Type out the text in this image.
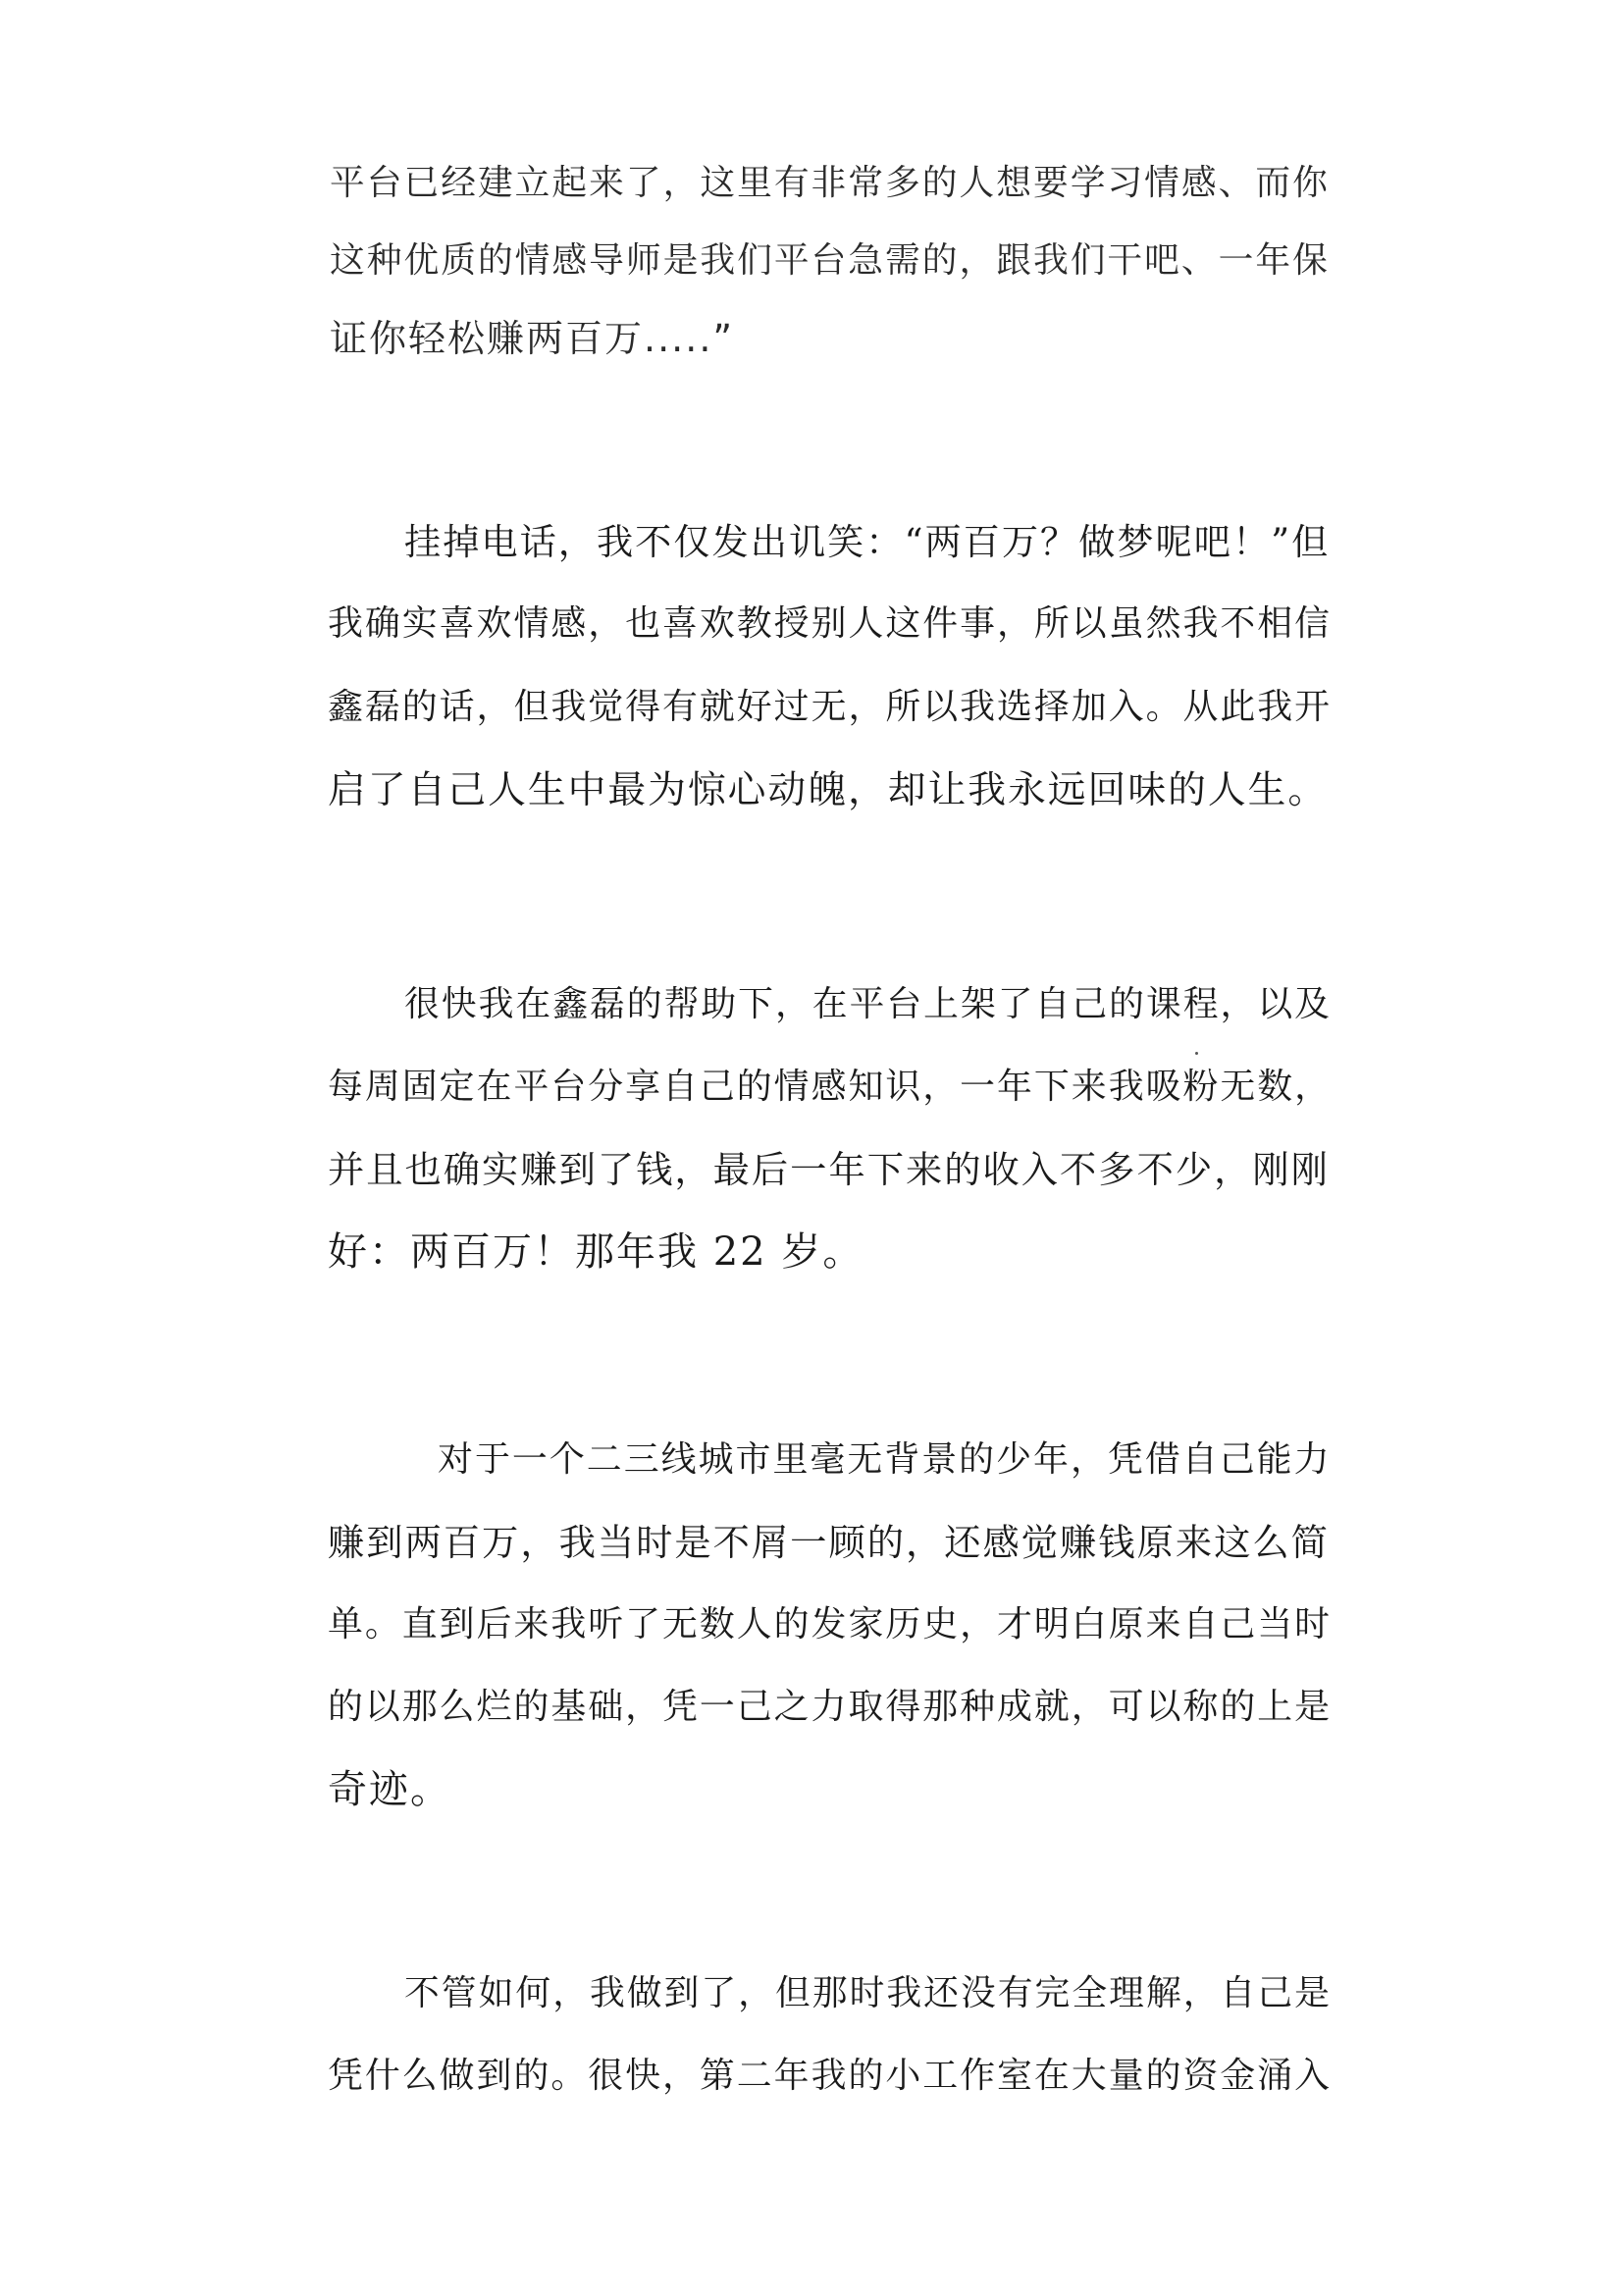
平台已经建立起来了，这里有非常多的人想要学习情感、而你
这种优质的情感导师是我们平台急需的，跟我们干吧、一年保
证你轻松赚两百万.....”
挂掉电话，我不仅发出讥笑：“两百万？做梦呢吧！”但
我确实喜欢情感，也喜欢教授别人这件事，所以虽然我不相信
鑫磊的话，但我觉得有就好过无，所以我选择加入。从此我开
启了自己人生中最为惊心动魄，却让我永远回味的人生。
很快我在鑫磊的帮助下，在平台上架了自己的课程，以及
每周固定在平台分享自己的情感知识，一年下来我吸粉无数，
并且也确实赚到了钱，最后一年下来的收入不多不少，刚刚
好：两百万！那年我 22 岁。
对于一个二三线城市里毫无背景的少年，凭借自己能力
赚到两百万，我当时是不屑一顾的，还感觉赚钱原来这么简
单。直到后来我听了无数人的发家历史，才明白原来自己当时
的以那么烂的基础，凭一己之力取得那种成就，可以称的上是
奇迹。
不管如何，我做到了，但那时我还没有完全理解，自己是
凭什么做到的。很快，第二年我的小工作室在大量的资金涌入
